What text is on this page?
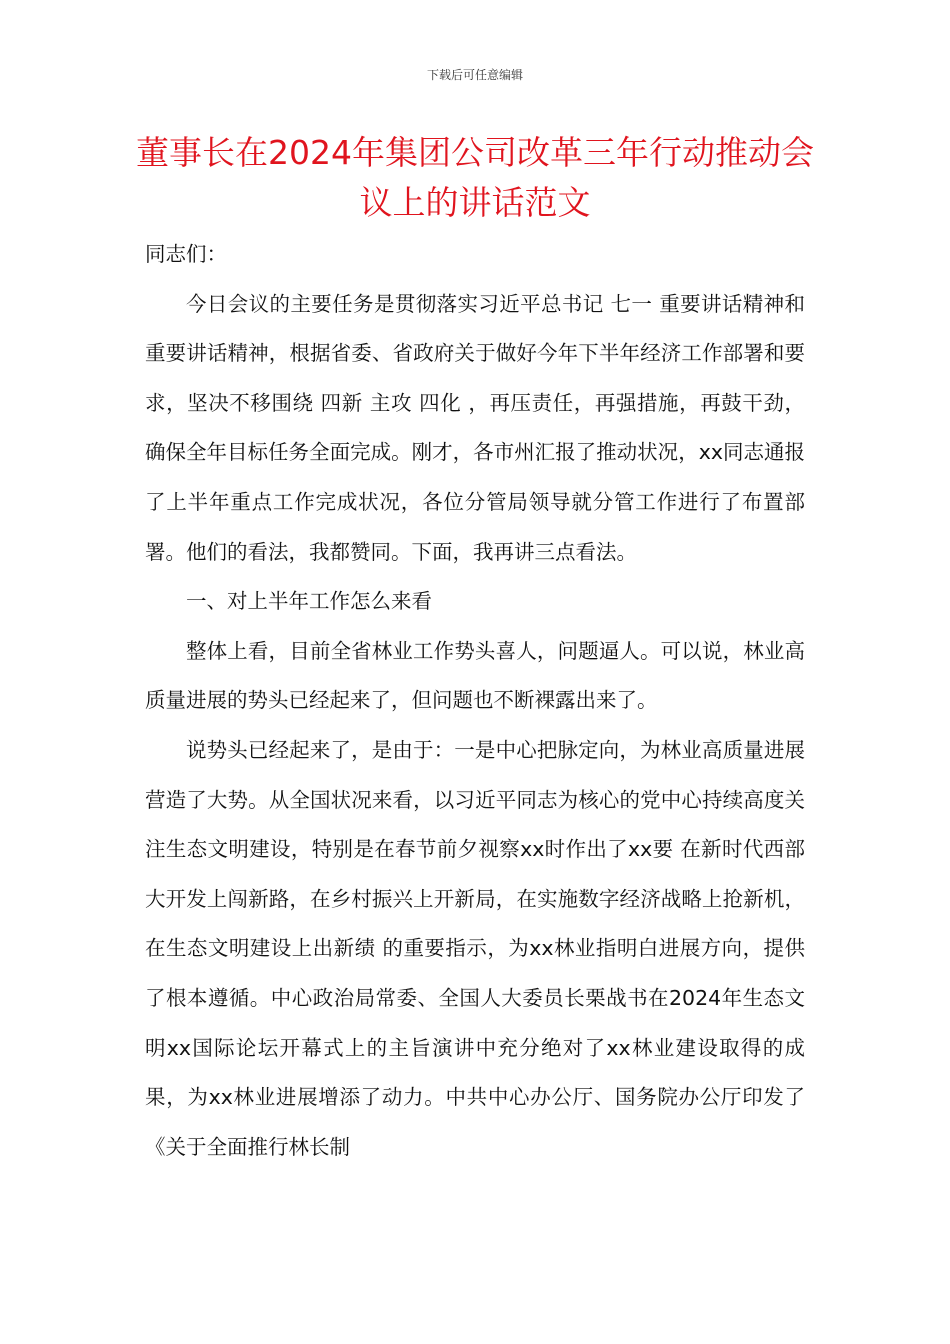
下载后可任意编辑
董事长在2024年集团公司改革三年行动推动会议上的讲话范文

同志们：

今日会议的主要任务是贯彻落实习近平总书记 七一 重要讲话精神和重要讲话精神，根据省委、省政府关于做好今年下半年经济工作部署和要求，坚决不移围绕 四新 主攻 四化 ，再压责任，再强措施，再鼓干劲，确保全年目标任务全面完成。刚才，各市州汇报了推动状况，xx同志通报了上半年重点工作完成状况，各位分管局领导就分管工作进行了布置部署。他们的看法，我都赞同。下面，我再讲三点看法。

一、对上半年工作怎么来看

整体上看，目前全省林业工作势头喜人，问题逼人。可以说，林业高质量进展的势头已经起来了，但问题也不断裸露出来了。

说势头已经起来了，是由于：一是中心把脉定向，为林业高质量进展营造了大势。从全国状况来看，以习近平同志为核心的党中心持续高度关注生态文明建设，特别是在春节前夕视察xx时作出了xx要 在新时代西部大开发上闯新路，在乡村振兴上开新局，在实施数字经济战略上抢新机，在生态文明建设上出新绩 的重要指示，为xx林业指明白进展方向，提供了根本遵循。中心政治局常委、全国人大委员长栗战书在2024年生态文明xx国际论坛开幕式上的主旨演讲中充分绝对了xx林业建设取得的成果，为xx林业进展增添了动力。中共中心办公厅、国务院办公厅印发了《关于全面推行林长制
